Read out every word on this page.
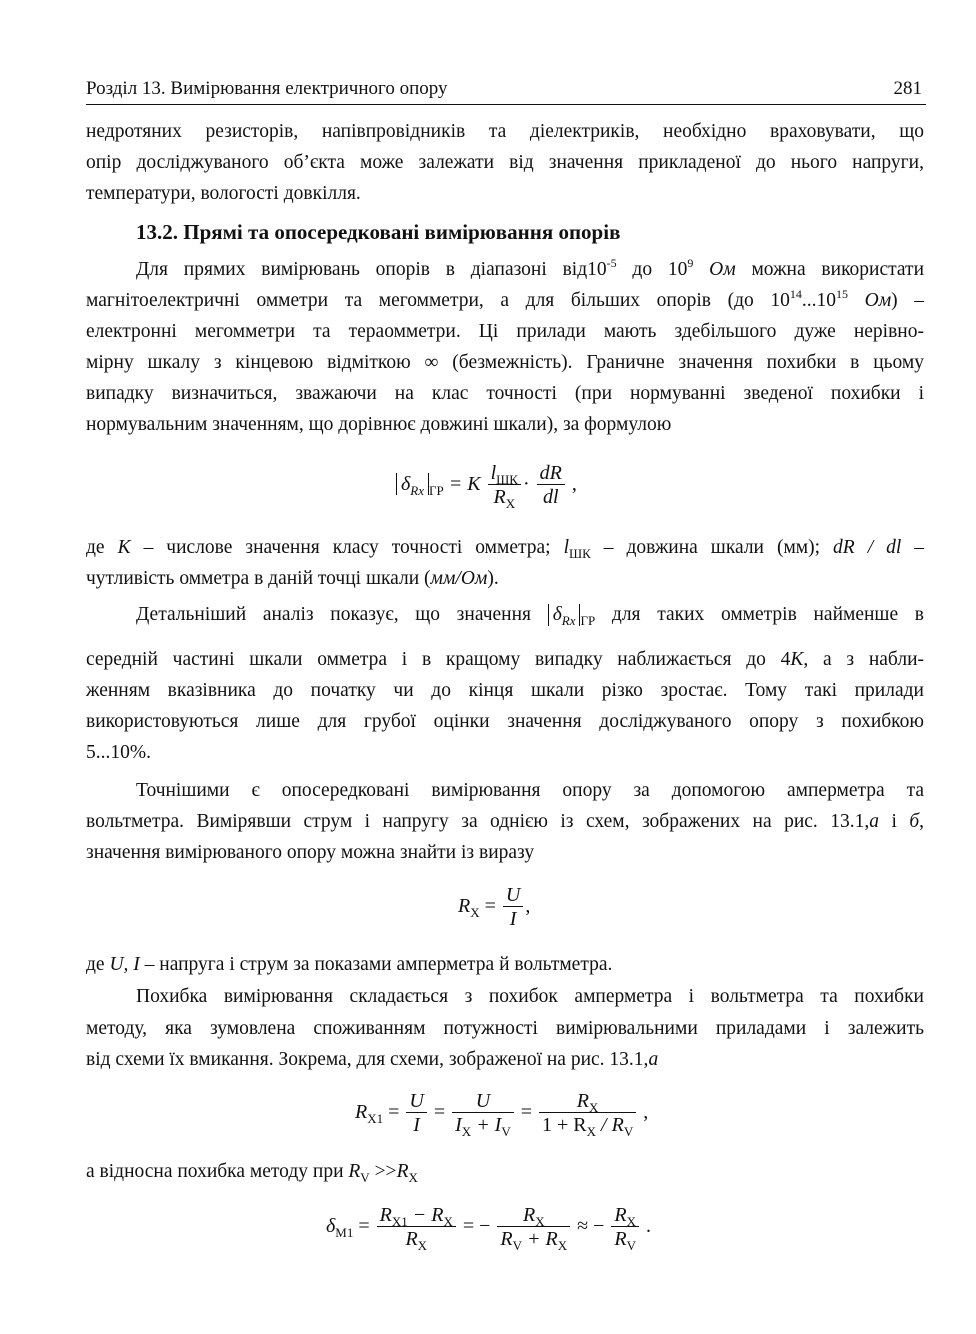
Розділ 13. Вимірювання електричного опору	281
недротяних резисторів, напівпровідників та діелектриків, необхідно враховувати, що
опір досліджуваного об’єкта може залежати від значення прикладеної до нього напруги,
температури, вологості довкілля.
13.2. Прямі та опосередковані вимірювання опорів
Для прямих вимірювань опорів в діапазоні $від10^{-5}$ до $10^9$ Ом можна використати
магнітоелектричні омметри та мегомметри, а для більших опорів (до $10^{14}...10^{15}$ Ом) –
електронні мегомметри та тераомметри. Ці прилади мають здебільшого дуже нерівно-
мірну шкалу з кінцевою відміткою ∞ (безмежність). Граничне значення похибки в цьому
випадку визначиться, зважаючи на клас точності (при нормуванні зведеної похибки і
нормувальним значенням, що дорівнює довжині шкали), за формулою
$\delta_{Rx}$ $_{ГР}$ = K $\frac{l_{ШК}}{R_X} \cdot \frac{dR}{dl}$ ,
де K – числове значення класу точності омметра; $l_{ШК}$ – довжина шкали (мм); dR / dl –
чутливість омметра в даній точці шкали (мм/Ом).
Детальніший аналіз показує, що значення $\delta_{Rx}$ $_{ГР}$ для таких омметрів найменше в
середній частині шкали омметра і в кращому випадку наближається до 4K, а з набли-
женням вказівника до початку чи до кінця шкали різко зростає. Тому такі прилади
використовуються лише для грубої оцінки значення досліджуваного опору з похибкою
5...10%.
Точнішими є опосередковані вимірювання опору за допомогою амперметра та
вольтметра. Вимірявши струм і напругу за однією із схем, зображених на рис. 13.1,а і б,
значення вимірюваного опору можна знайти із виразу
$R_X = \frac{U}{I}$ ,
де U, I – напруга і струм за показами амперметра й вольтметра.
Похибка вимірювання складається з похибок амперметра і вольтметра та похибки
методу, яка зумовлена споживанням потужності вимірювальними приладами і залежить
від схеми їх вмикання. Зокрема, для схеми, зображеної на рис. 13.1,а
$R_{X1} = \frac{U}{I} = \frac{U}{I_X + I_V} = \frac{R_X}{1 + R_X / R_V}$ ,
а відносна похибка методу при $R_V >>R_X$
$\delta_{M1} = \frac{R_{X1} - R_X}{R_X}$ = − $\frac{R_X}{R_V + R_X}$ ≈ − $\frac{R_X}{R_V}$ .
